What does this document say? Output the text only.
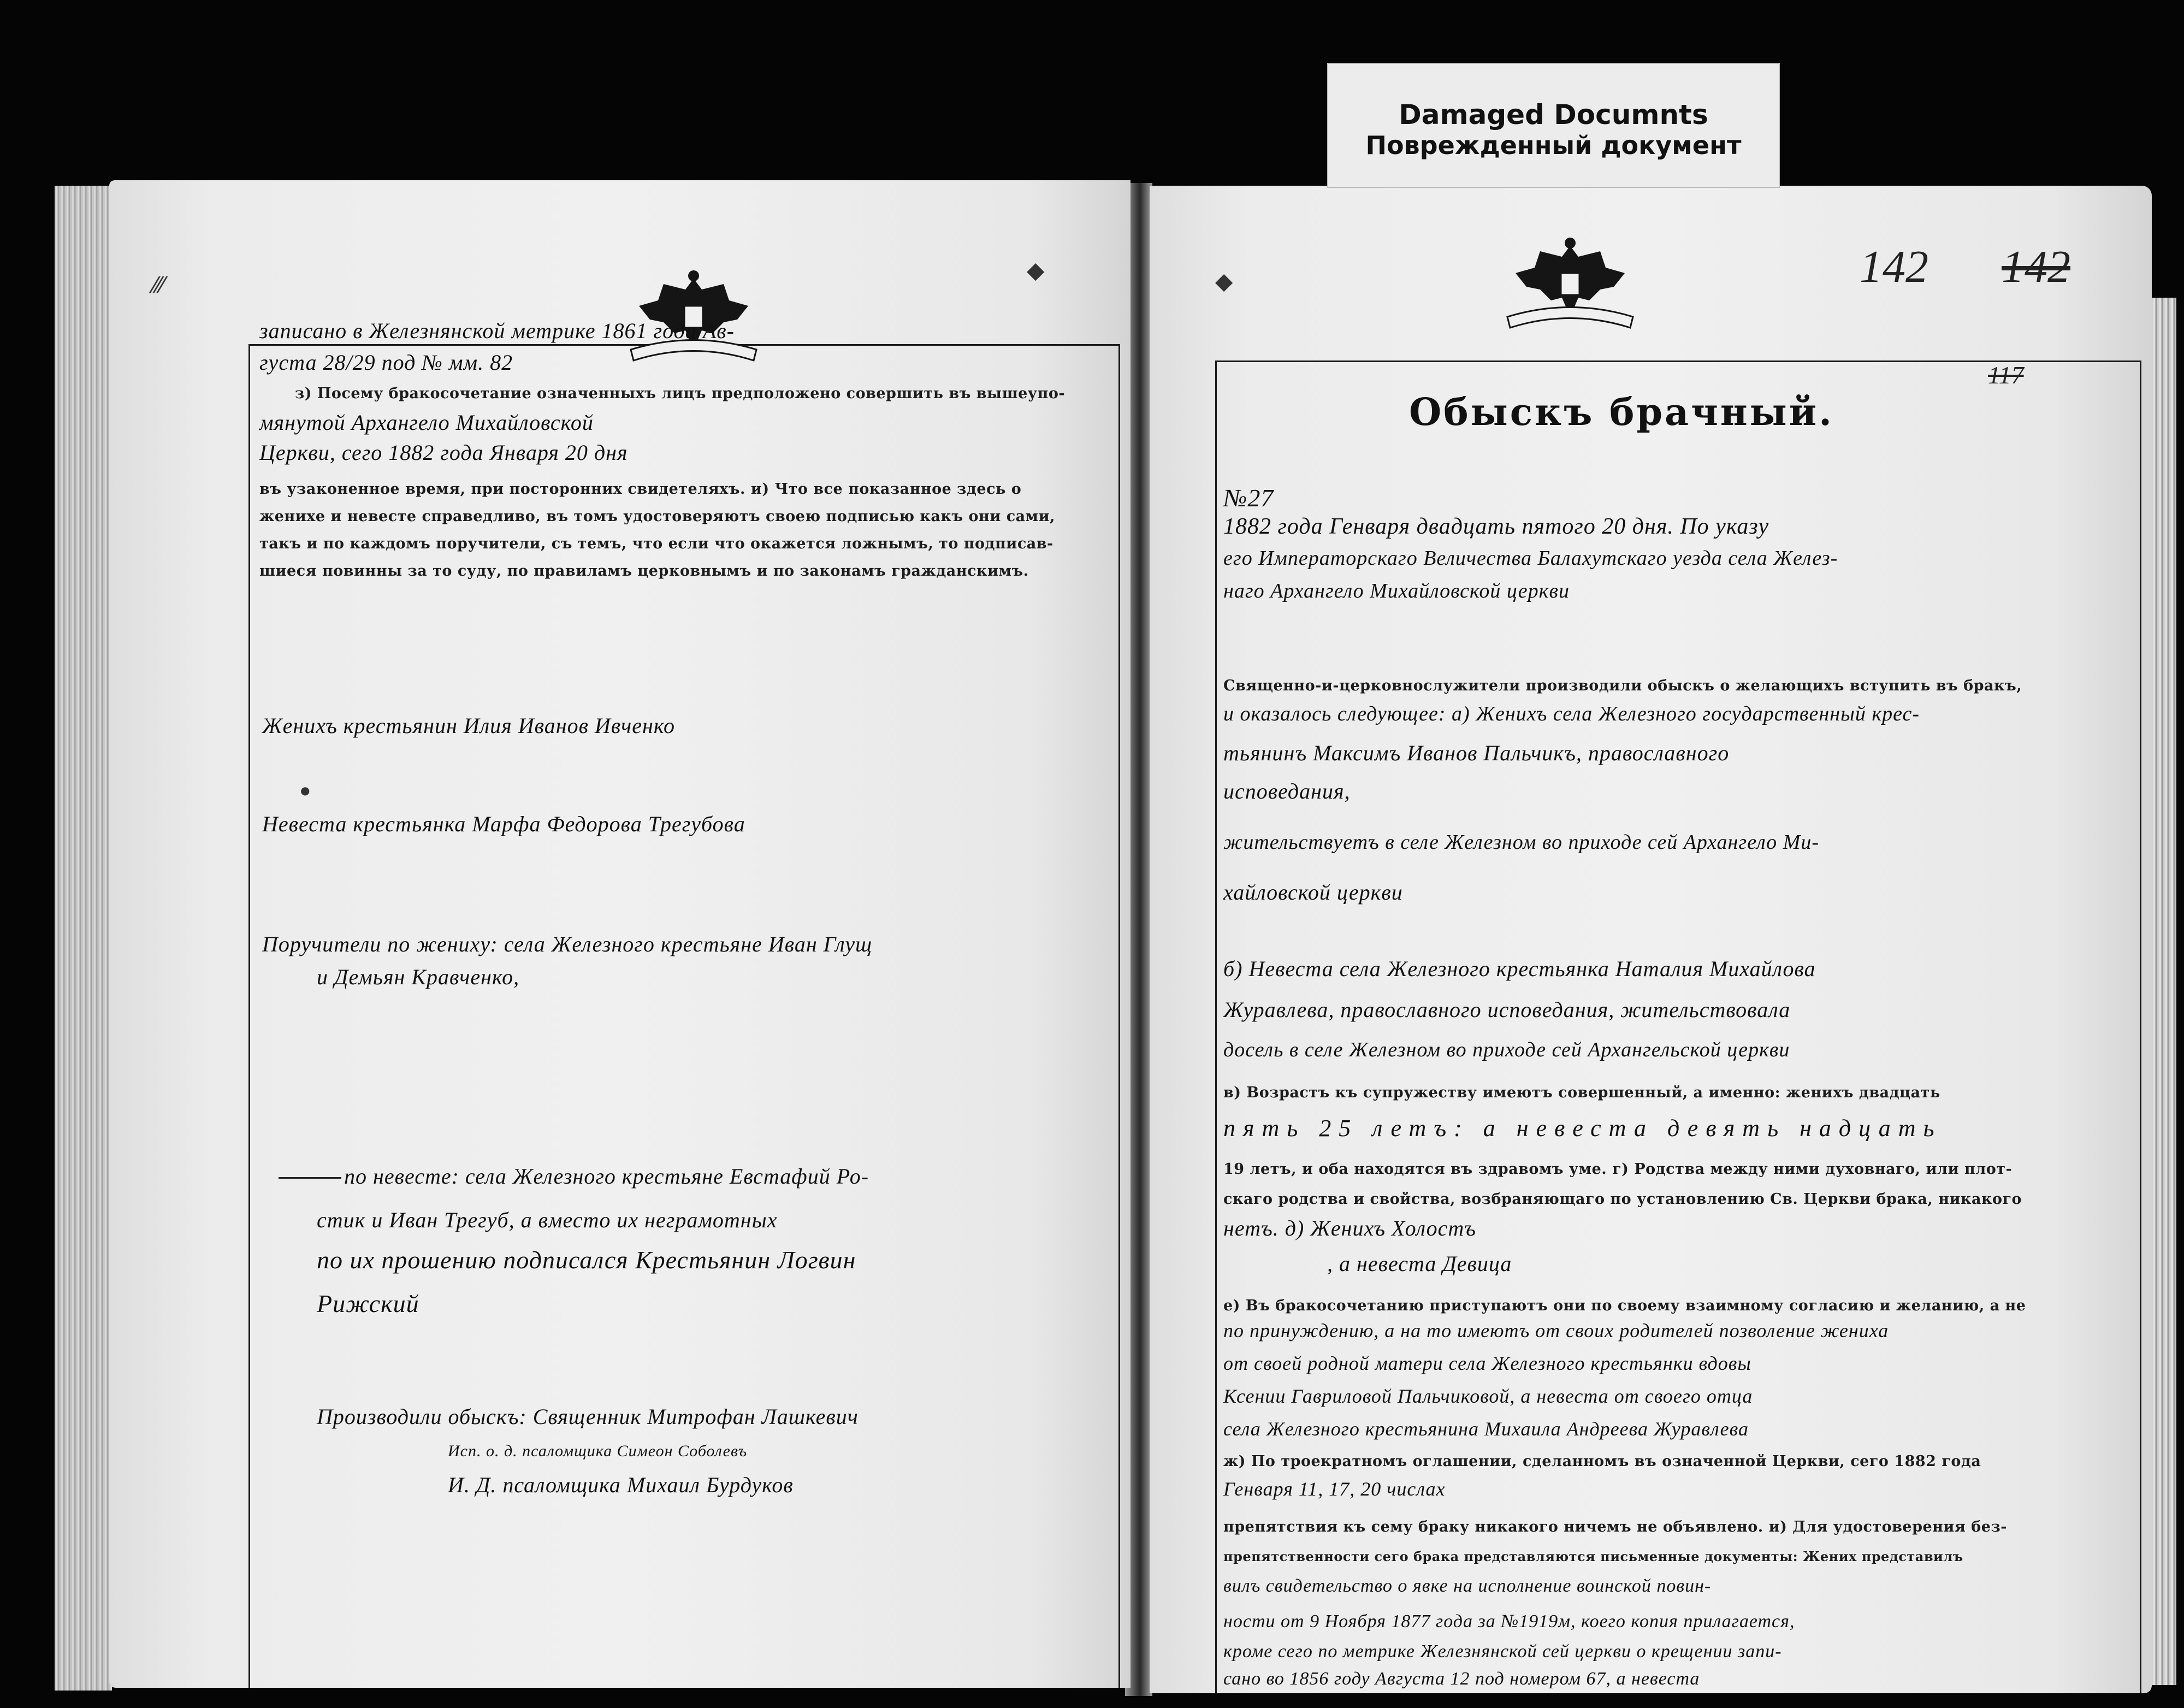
⁄⁄⁄
◆
записано в Железнянской метрике 1861 года Ав-
густа 28/29 под № мм. 82
з) Посему бракосочетание означенныхъ лицъ предположено совершить въ вышеупо-
мянутой Архангело Михайловской
Церкви, сего 1882 года Января 20 дня
въ узаконенное время, при посторонних свидетеляхъ. и) Что все показанное здесь о
женихе и невесте справедливо, въ томъ удостоверяютъ своею подписью какъ они сами,
такъ и по каждомъ поручители, съ темъ, что если что окажется ложнымъ, то подписав-
шиеся повинны за то суду, по правиламъ церковнымъ и по законамъ гражданскимъ.
Женихъ крестьянин Илия Иванов Ивченко
●
Невеста крестьянка Марфа Федорова Трегубова
Поручители по жениху: села Железного крестьяне Иван Глущ
и Демьян Кравченко,
по невесте: села Железного крестьяне Евстафий Ро-
стик и Иван Трегуб, а вместо их неграмотных
по их прошению подписался Крестьянин Логвин
Рижский
Производили обыскъ: Священник Митрофан Лашкевич
Исп. о. д. псаломщика Симеон Соболевъ
И. Д. псаломщика Михаил Бурдуков
◆	142 142
117
Обыскъ брачный.
№27
1882 года Генваря двадцать пятого 20 дня. По указу
его Императорскаго Величества Балахутскаго уезда села Желез-
наго Архангело Михайловской церкви
Священно-и-церковнослужители производили обыскъ о желающихъ вступить въ бракъ,
и оказалось следующее: а) Женихъ села Железного государственный крес-
тьянинъ Максимъ Иванов Пальчикъ, православного
исповедания,
жительствуетъ в селе Железном во приходе сей Архангело Ми-
хайловской церкви
б) Невеста села Железного крестьянка Наталия Михайлова
Журавлева, православного исповедания, жительствовала
досель в селе Железном во приходе сей Архангельской церкви
в) Возрастъ къ супружеству имеютъ совершенный, а именно: женихъ двадцать
пять 25 летъ: а невеста девять надцать
19 летъ, и оба находятся въ здравомъ уме. г) Родства между ними духовнаго, или плот-
скаго родства и свойства, возбраняющаго по установлению Св. Церкви брака, никакого
нетъ. д) Женихъ Холостъ
, а невеста Девица
е) Въ бракосочетанию приступаютъ они по своему взаимному согласию и желанию, а не
по принуждению, а на то имеютъ от своих родителей позволение жениха
от своей родной матери села Железного крестьянки вдовы
Ксении Гавриловой Пальчиковой, а невеста от своего отца
села Железного крестьянина Михаила Андреева Журавлева
ж) По троекратномъ оглашении, сделанномъ въ означенной Церкви, сего 1882 года
Генваря 11, 17, 20 числах
препятствия къ сему браку никакого ничемъ не объявлено. и) Для удостоверения без-
препятственности сего брака представляются письменные документы: Жених представилъ
вилъ свидетельство о явке на исполнение воинской повин-
ности от 9 Ноября 1877 года за №1919м, коего копия прилагается,
кроме сего по метрике Железнянской сей церкви о крещении запи-
сано во 1856 году Августа 12 под номером 67, а невеста
Damaged Documnts
Поврежденный документ
